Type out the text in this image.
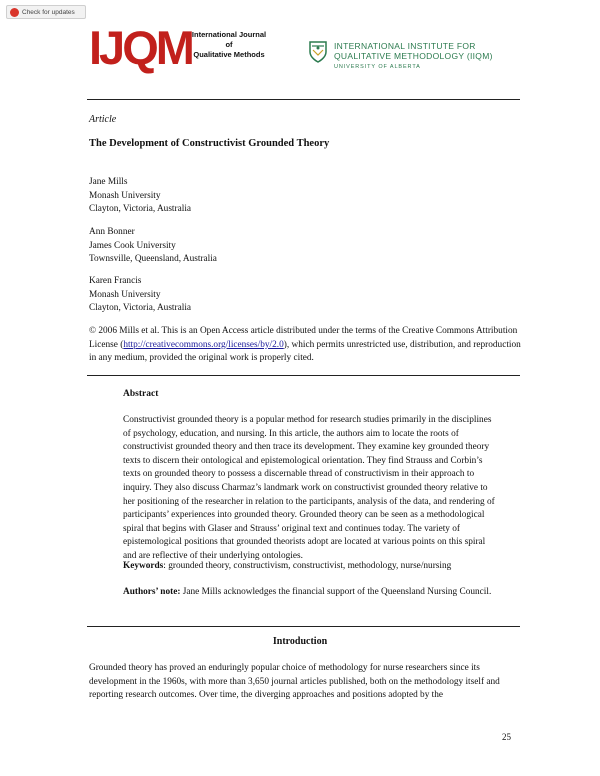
Check for updates
IJQM International Journal
of
Qualitative Methods
INTERNATIONAL INSTITUTE FOR
QUALITATIVE METHODOLOGY (IIQM)
UNIVERSITY OF ALBERTA
Article
The Development of Constructivist Grounded Theory
Jane Mills
Monash University
Clayton, Victoria, Australia
Ann Bonner
James Cook University
Townsville, Queensland, Australia
Karen Francis
Monash University
Clayton, Victoria, Australia
© 2006 Mills et al. This is an Open Access article distributed under the terms of the Creative Commons Attribution License (http://creativecommons.org/licenses/by/2.0), which permits unrestricted use, distribution, and reproduction in any medium, provided the original work is properly cited.
Abstract
Constructivist grounded theory is a popular method for research studies primarily in the disciplines of psychology, education, and nursing. In this article, the authors aim to locate the roots of constructivist grounded theory and then trace its development. They examine key grounded theory texts to discern their ontological and epistemological orientation. They find Strauss and Corbin’s texts on grounded theory to possess a discernable thread of constructivism in their approach to inquiry. They also discuss Charmaz’s landmark work on constructivist grounded theory relative to her positioning of the researcher in relation to the participants, analysis of the data, and rendering of participants’ experiences into grounded theory. Grounded theory can be seen as a methodological spiral that begins with Glaser and Strauss’ original text and continues today. The variety of epistemological positions that grounded theorists adopt are located at various points on this spiral and are reflective of their underlying ontologies.
Keywords: grounded theory, constructivism, constructivist, methodology, nurse/nursing
Authors’ note: Jane Mills acknowledges the financial support of the Queensland Nursing Council.
Introduction
Grounded theory has proved an enduringly popular choice of methodology for nurse researchers since its development in the 1960s, with more than 3,650 journal articles published, both on the methodology itself and reporting research outcomes. Over time, the diverging approaches and positions adopted by the
25
